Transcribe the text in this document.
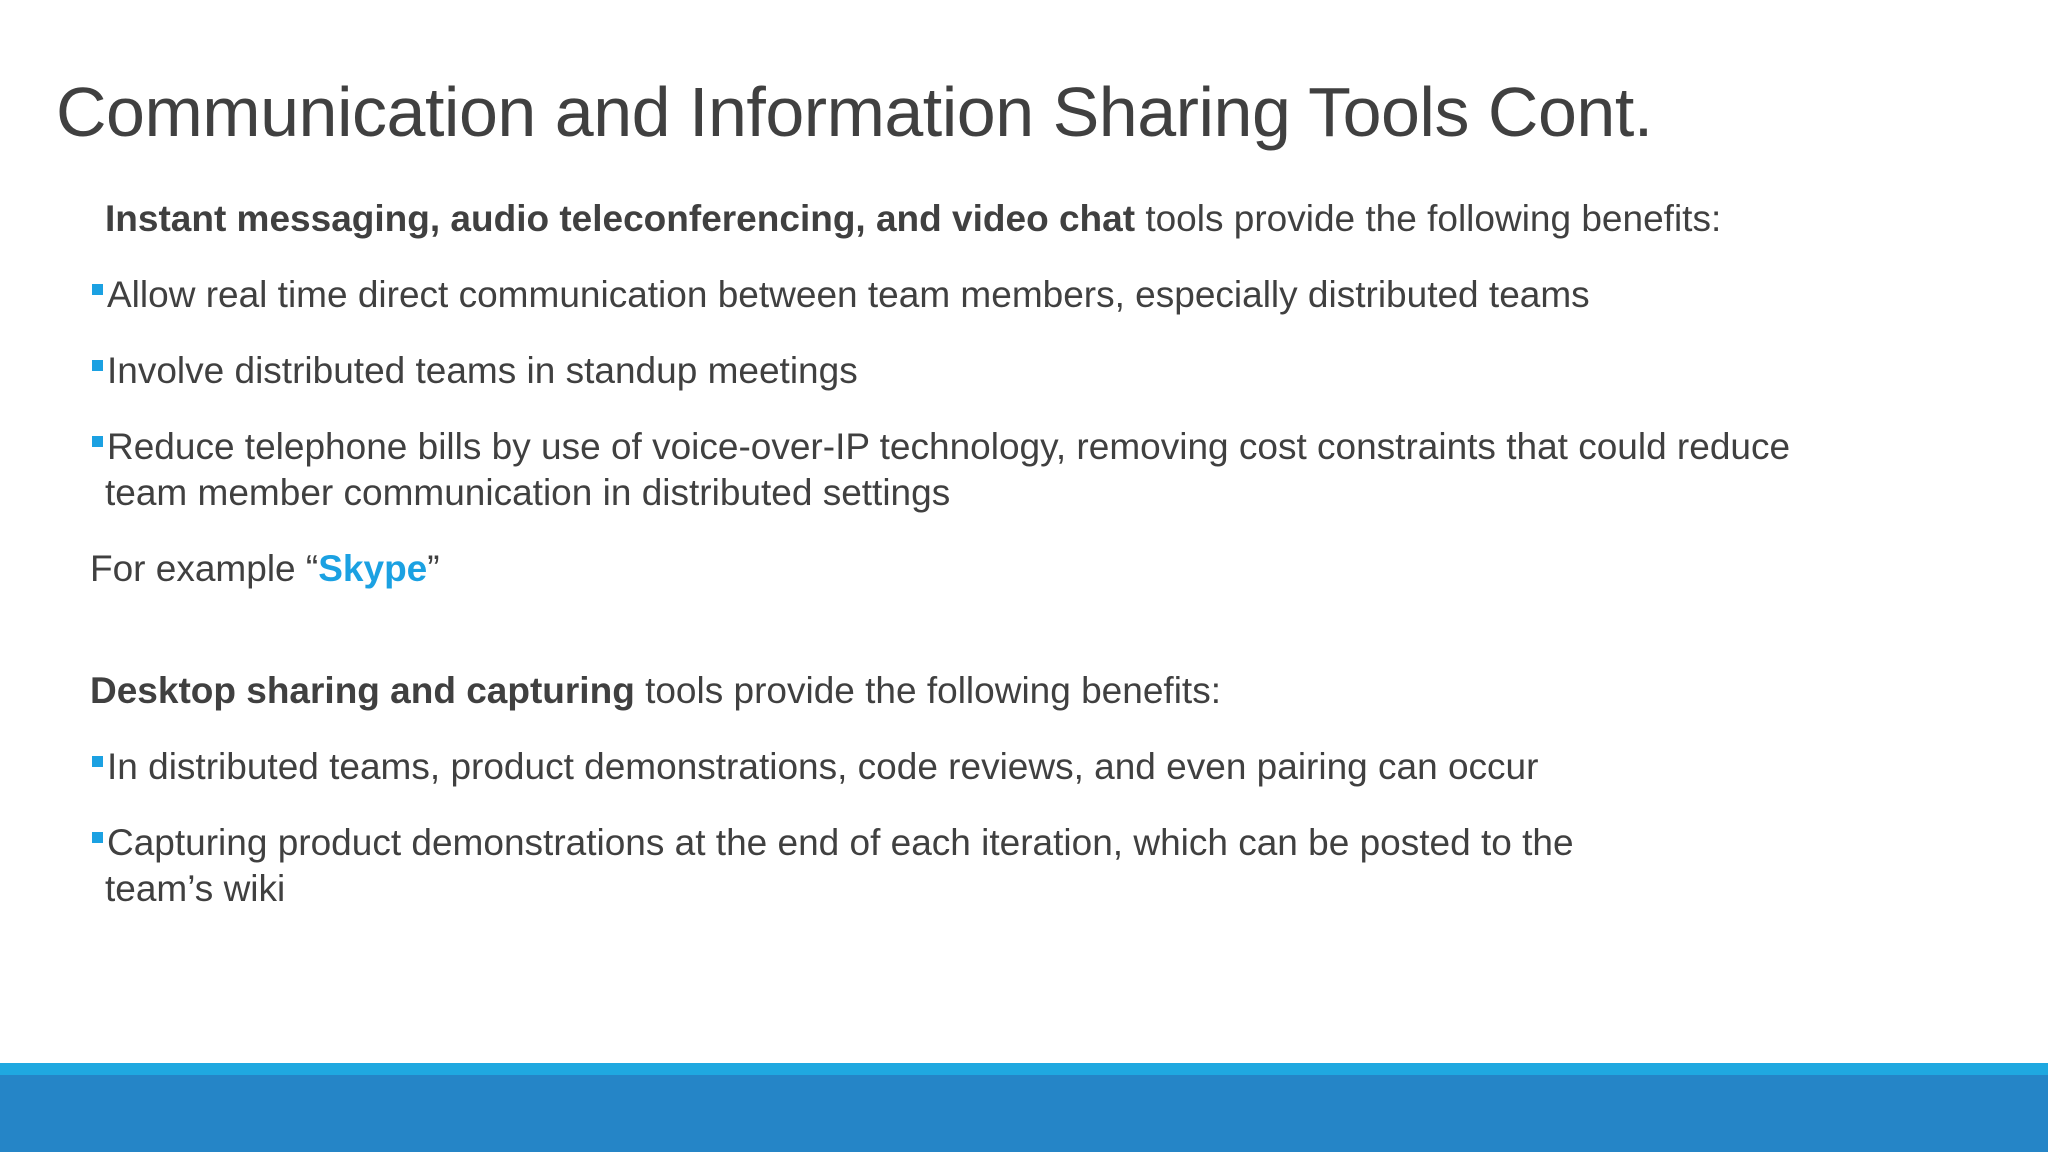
Communication and Information Sharing Tools Cont.
Instant messaging, audio teleconferencing, and video chat tools provide the following benefits:
Allow real time direct communication between team members, especially distributed teams
Involve distributed teams in standup meetings
Reduce telephone bills by use of voice-over-IP technology, removing cost constraints that could reduce
team member communication in distributed settings
For example “Skype”
Desktop sharing and capturing tools provide the following benefits:
In distributed teams, product demonstrations, code reviews, and even pairing can occur
Capturing product demonstrations at the end of each iteration, which can be posted to the
team’s wiki
